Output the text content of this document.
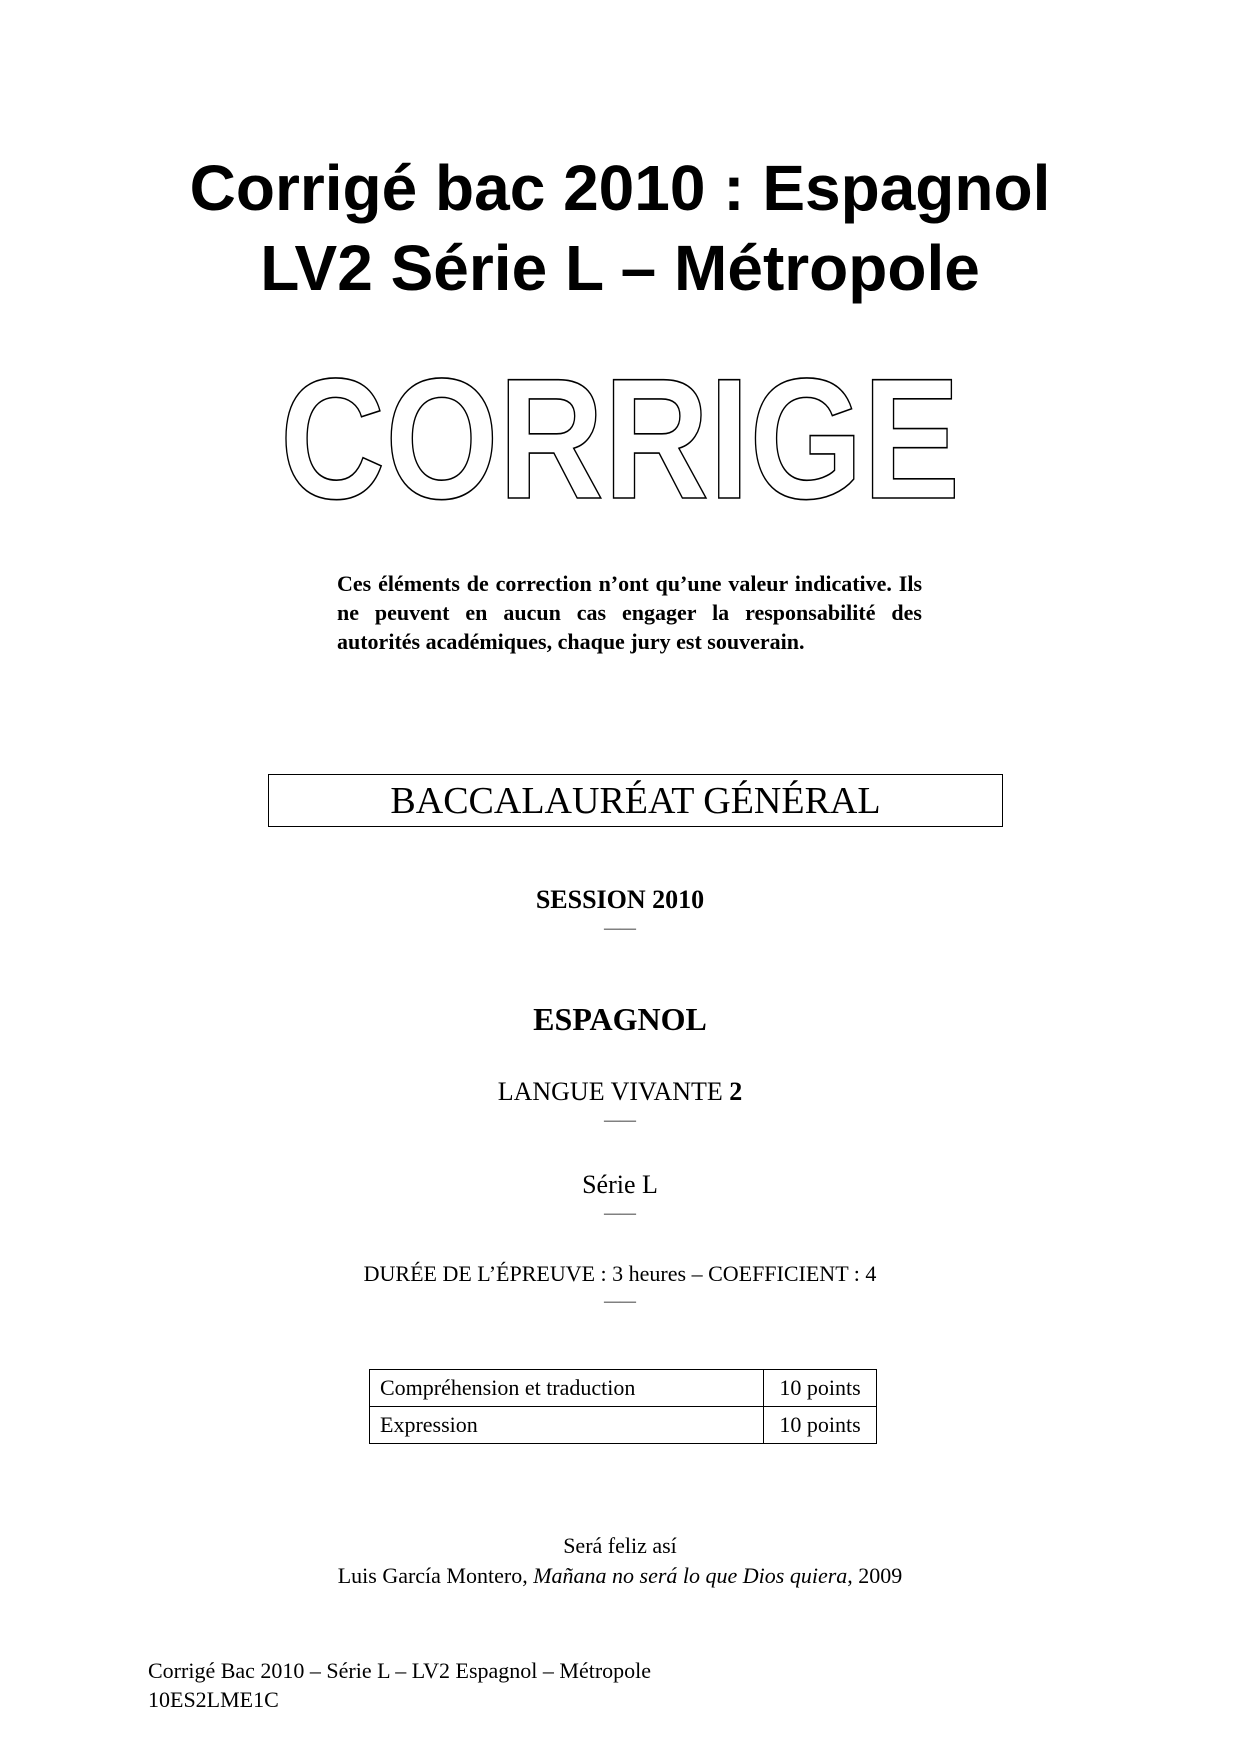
Corrigé bac 2010 : Espagnol
LV2 Série L – Métropole
CORRIGE

Ces éléments de correction n’ont qu’une valeur indicative. Ils ne peuvent en aucun cas engager la responsabilité des autorités académiques, chaque jury est souverain.

BACCALAURÉAT GÉNÉRAL
SESSION 2010
——
ESPAGNOL
LANGUE VIVANTE 2
——
Série L
——
DURÉE DE L’ÉPREUVE : 3 heures – COEFFICIENT : 4
——
Compréhension et traduction	10 points
Expression	10 points
Será feliz así
Luis García Montero, Mañana no será lo que Dios quiera, 2009
Corrigé Bac 2010 – Série L – LV2 Espagnol – Métropole
10ES2LME1C
